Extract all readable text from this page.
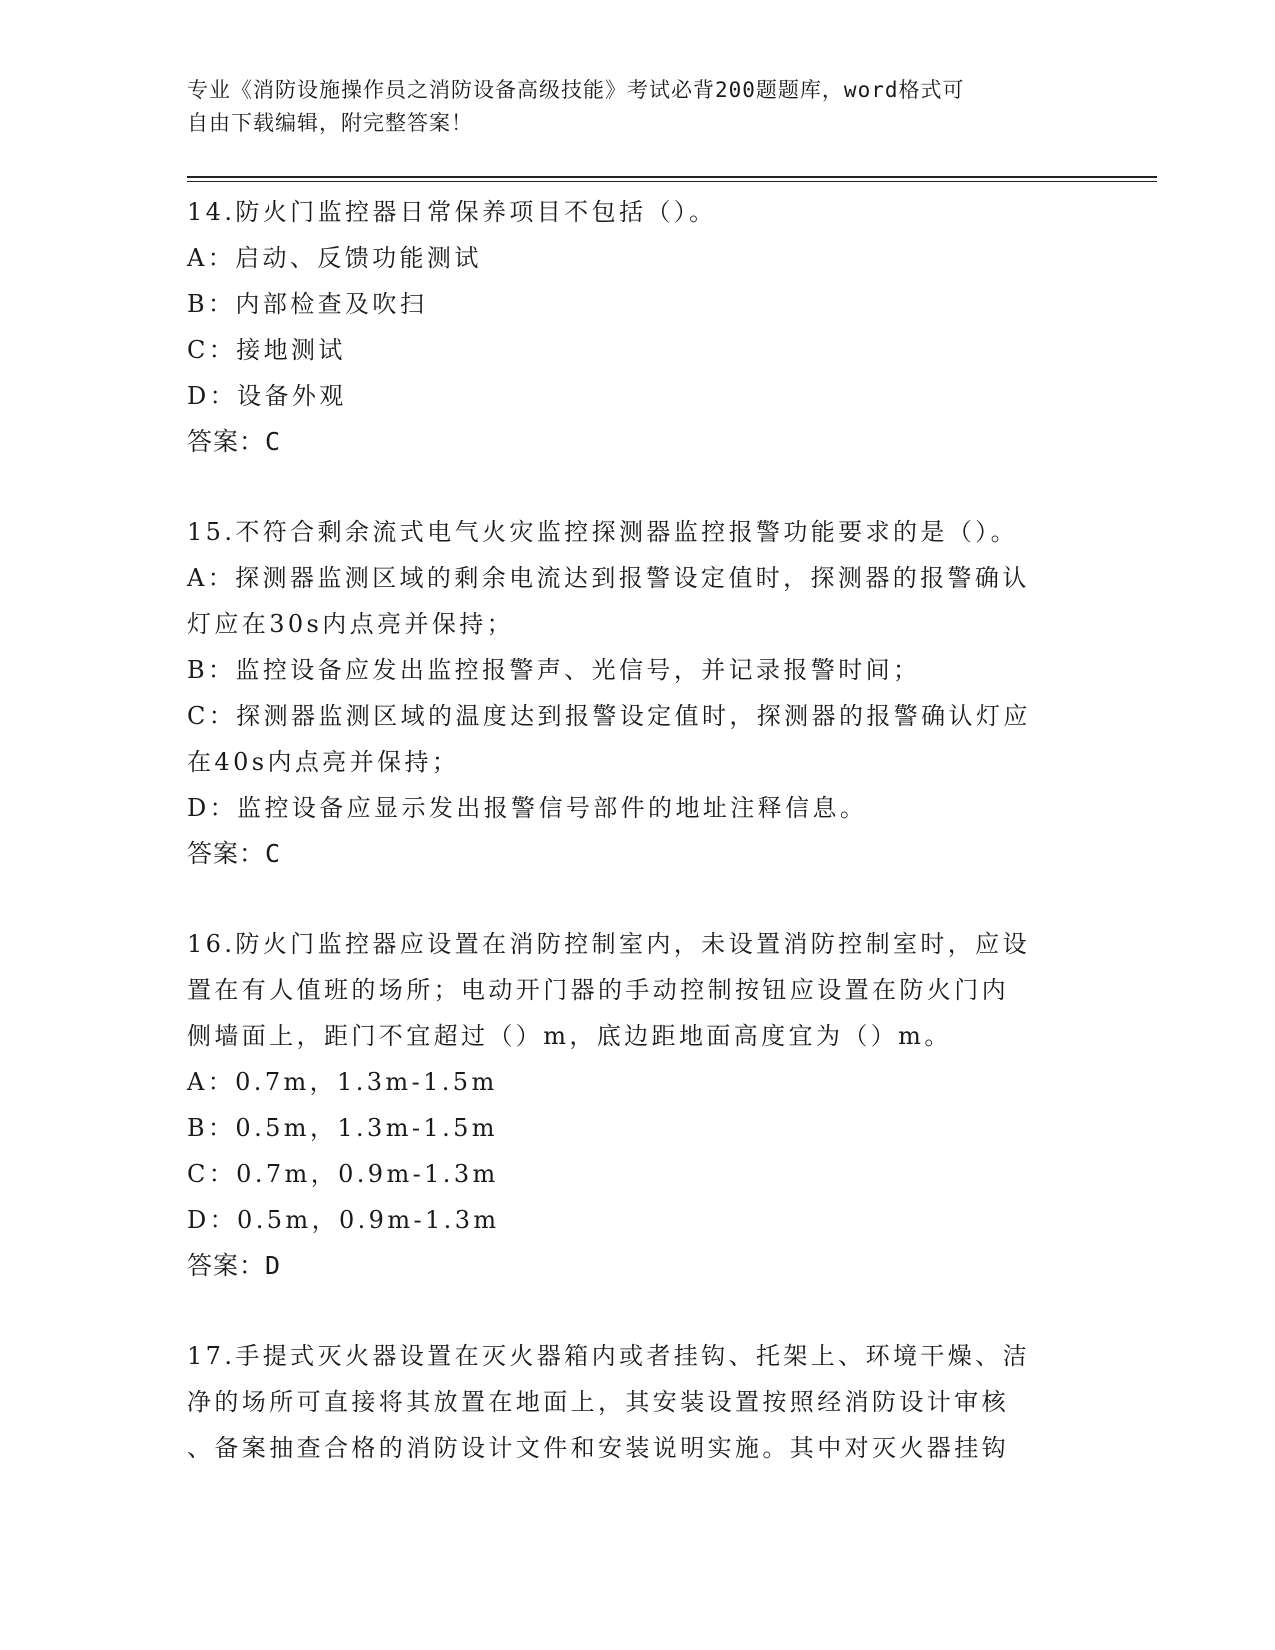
专业《消防设施操作员之消防设备高级技能》考试必背200题题库，word格式可
自由下载编辑，附完整答案！
14.防火门监控器日常保养项目不包括（）。
A：启动、反馈功能测试
B：内部检查及吹扫
C：接地测试
D：设备外观
答案：C
15.不符合剩余流式电气火灾监控探测器监控报警功能要求的是（）。
A：探测器监测区域的剩余电流达到报警设定值时，探测器的报警确认
灯应在30s内点亮并保持；
B：监控设备应发出监控报警声、光信号，并记录报警时间；
C：探测器监测区域的温度达到报警设定值时，探测器的报警确认灯应
在40s内点亮并保持；
D：监控设备应显示发出报警信号部件的地址注释信息。
答案：C
16.防火门监控器应设置在消防控制室内，未设置消防控制室时，应设
置在有人值班的场所；电动开门器的手动控制按钮应设置在防火门内
侧墙面上，距门不宜超过（）m，底边距地面高度宜为（）m。
A：0.7m，1.3m-1.5m
B：0.5m，1.3m-1.5m
C：0.7m，0.9m-1.3m
D：0.5m，0.9m-1.3m
答案：D
17.手提式灭火器设置在灭火器箱内或者挂钩、托架上、环境干燥、洁
净的场所可直接将其放置在地面上，其安装设置按照经消防设计审核
、备案抽查合格的消防设计文件和安装说明实施。其中对灭火器挂钩
